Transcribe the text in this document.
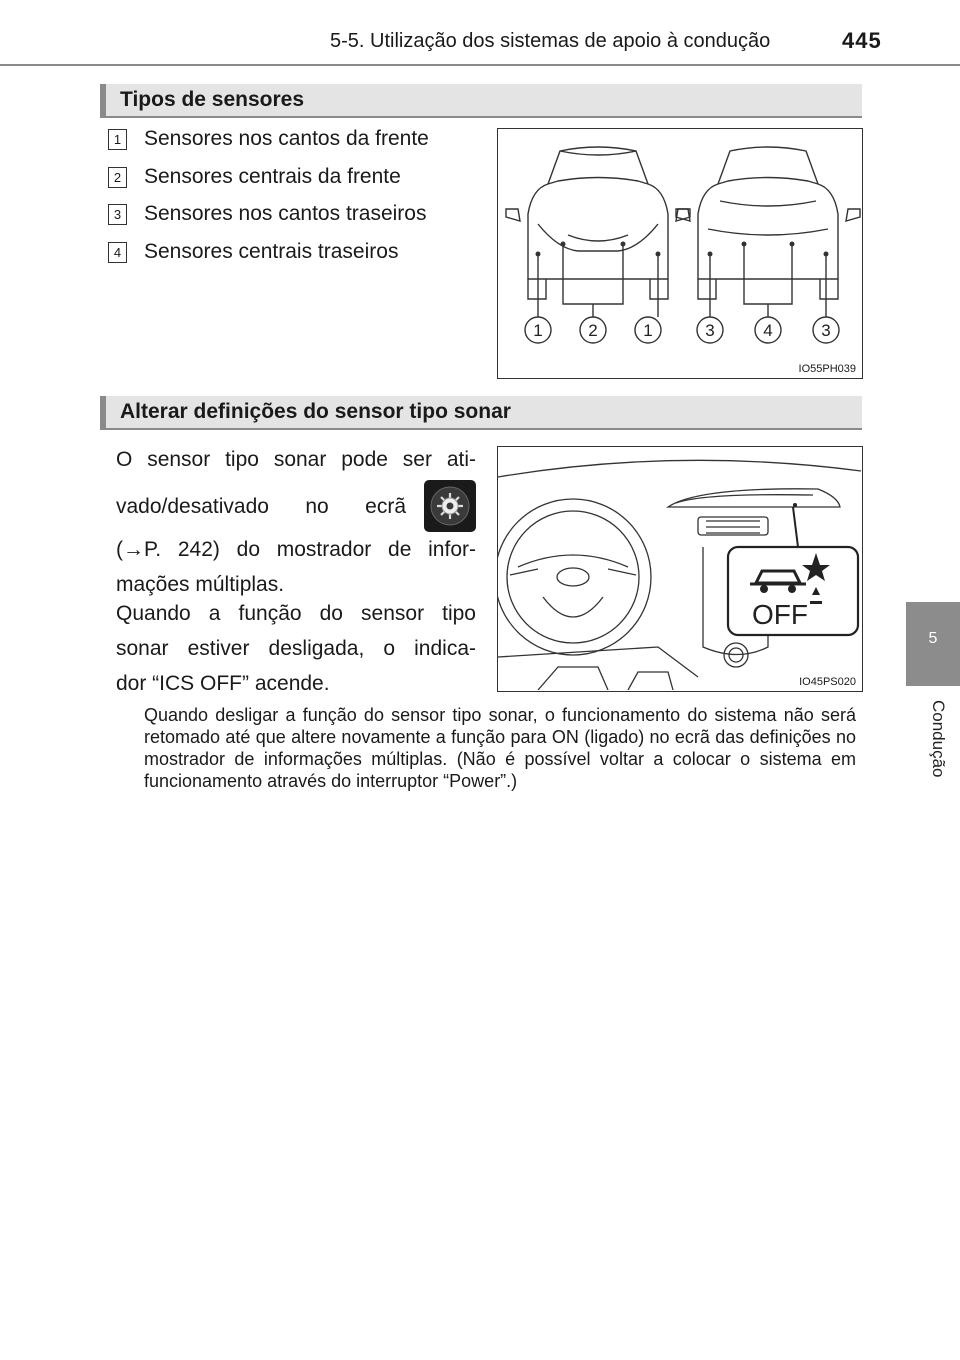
5-5. Utilização dos sistemas de apoio à condução	445
5
Condução
Tipos de sensores
1 Sensores nos cantos da frente
2 Sensores centrais da frente
3 Sensores nos cantos traseiros
4 Sensores centrais traseiros
1	2	1	3	4	3
IO55PH039
Alterar definições do sensor tipo sonar
O sensor tipo sonar pode ser ati-
vado/desativado no ecrã
(→P. 242) do mostrador de infor-
mações múltiplas.
Quando a função do sensor tipo
sonar estiver desligada, o indica-
dor “ICS OFF” acende.
OFF
IO45PS020
Quando desligar a função do sensor tipo sonar, o funcionamento do sistema não será retomado até que altere novamente a função para ON (ligado) no ecrã das definições no mostrador de informações múltiplas. (Não é possível voltar a colocar o sistema em funcionamento através do interruptor “Power”.)
